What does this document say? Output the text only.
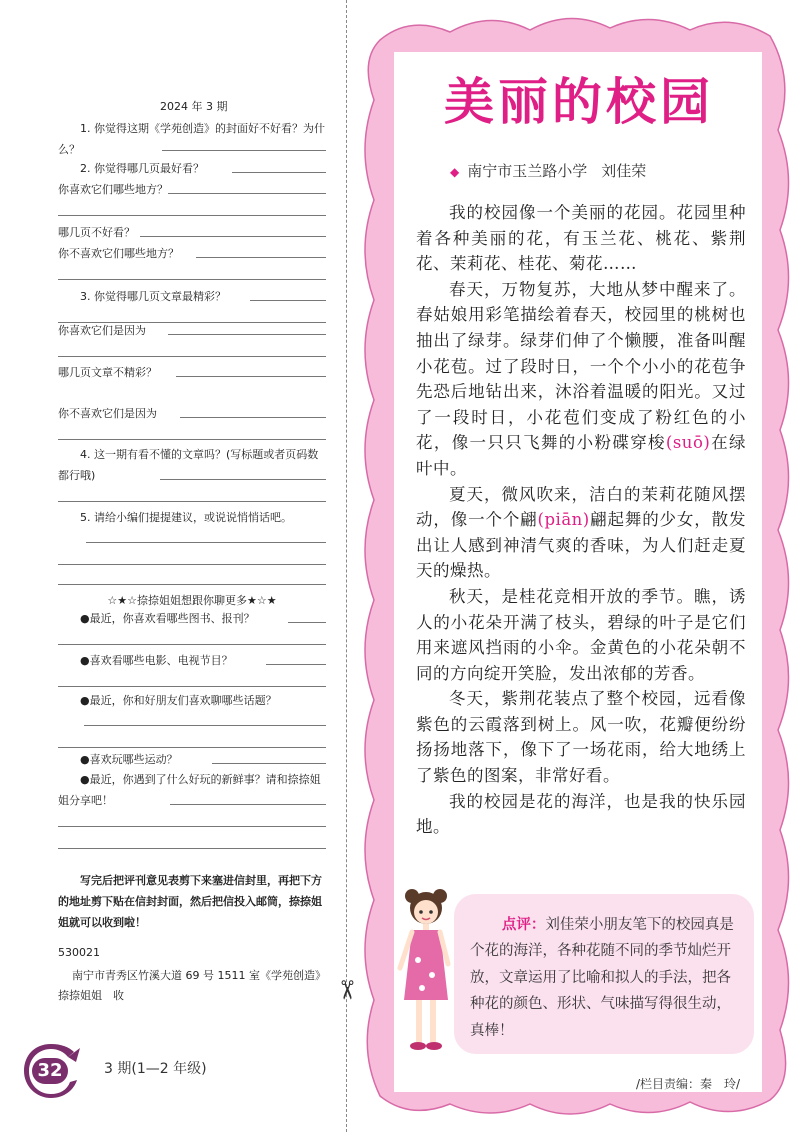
2024 年 3 期
1. 你觉得这期《学苑创造》的封面好不好看？为什么？
2. 你觉得哪几页最好看？
你喜欢它们哪些地方？
哪几页不好看？
你不喜欢它们哪些地方？
3. 你觉得哪几页文章最精彩？
你喜欢它们是因为
哪几页文章不精彩？
你不喜欢它们是因为
4. 这一期有看不懂的文章吗？(写标题或者页码数都行哦)
5. 请给小编们提提建议，或说说悄悄话吧。
☆★☆捺捺姐姐想跟你聊更多★☆★
●最近，你喜欢看哪些图书、报刊？
●喜欢看哪些电影、电视节目？
●最近，你和好朋友们喜欢聊哪些话题？
●喜欢玩哪些运动？
●最近，你遇到了什么好玩的新鲜事？请和捺捺姐姐分享吧！
写完后把评刊意见表剪下来塞进信封里，再把下方的地址剪下贴在信封封面，然后把信投入邮筒，捺捺姐姐就可以收到啦！
530021
南宁市青秀区竹溪大道 69 号 1511 室《学苑创造》 捺捺姐姐　收
32	3 期(1—2 年级)
✂
美丽的校园
◆ 南宁市玉兰路小学 刘佳荣

我的校园像一个美丽的花园。花园里种着各种美丽的花，有玉兰花、桃花、紫荆花、茉莉花、桂花、菊花……

春天，万物复苏，大地从梦中醒来了。春姑娘用彩笔描绘着春天，校园里的桃树也抽出了绿芽。绿芽们伸了个懒腰，准备叫醒小花苞。过了段时日，一个个小小的花苞争先恐后地钻出来，沐浴着温暖的阳光。又过了一段时日，小花苞们变成了粉红色的小花，像一只只飞舞的小粉碟穿梭(suō)在绿叶中。

夏天，微风吹来，洁白的茉莉花随风摆动，像一个个翩(piān)翩起舞的少女，散发出让人感到神清气爽的香味，为人们赶走夏天的燥热。

秋天，是桂花竞相开放的季节。瞧，诱人的小花朵开满了枝头，碧绿的叶子是它们用来遮风挡雨的小伞。金黄色的小花朵朝不同的方向绽开笑脸，发出浓郁的芳香。

冬天，紫荆花装点了整个校园，远看像紫色的云霞落到树上。风一吹，花瓣便纷纷扬扬地落下，像下了一场花雨，给大地绣上了紫色的图案，非常好看。

我的校园是花的海洋，也是我的快乐园地。

点评：刘佳荣小朋友笔下的校园真是个花的海洋，各种花随不同的季节灿烂开放，文章运用了比喻和拟人的手法，把各种花的颜色、形状、气味描写得很生动，真棒！
/栏目责编：秦　玲/
